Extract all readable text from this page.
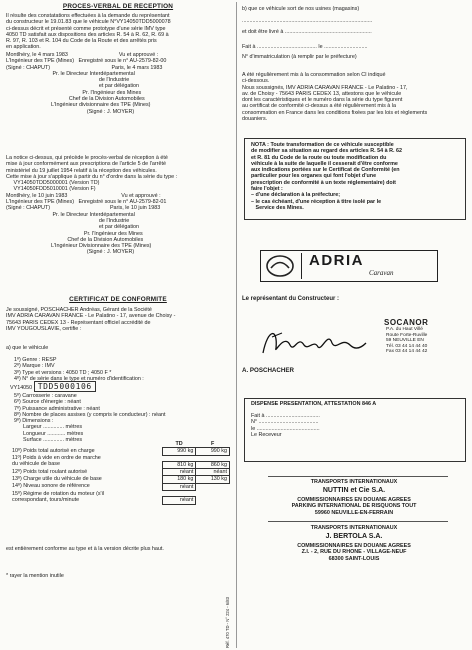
PROCES-VERBAL DE RECEPTION

Il résulte des constatations effectuées à la demande du représentant

du constructeur le 19.01.83 que le véhicule N°VY14050TDD5000078

ci-dessus décrit et présenté comme prototype d'une série IMV type

4050 TD satisfait aux dispositions des articles R. 54 à R. 62, R. 69 à

R. 97, R. 103 et R. 104 du Code de la Route et des arrêtés pris

en application.

Montlhéry, le 4 mars 1983                                  Vu et approuvé :

L'Ingénieur des TPE (Mines)   Enregistré sous le n° AU-2579-82-00

(Signé : CHAPUT)                                         Paris, le 4 mars 1983

Pr. le Directeur Interdépartemental

de l'Industrie

et par délégation

Pr. l'Ingénieur des Mines

Chef de la Division Automobiles

L'Ingénieur divisionnaire des TPE (Mines)

(Signé : J. MOYER)

La notice ci-dessus, qui précède le procès-verbal de réception à été

mise à jour conformément aux prescriptions de l'article 5 de l'arrêté

ministériel du 19 juillet 1954 relatif à la réception des véhicules.

Cette mise à jour s'applique à partir du n° d'ordre dans la série du type :

VY14050TDD5000001 (Version TD)

VY14050FDD5010001 (Version F)

Montlhéry, le 10 juin 1983                                    Vu et approuvé :

L'Ingénieur des TPE (Mines)   Enregistré sous le n° AU-2579-82-01

(Signé : CHAPUT)                                        Paris, le 10 juin 1983

Pr. le Directeur Interdépartemental

de l'Industrie

et par délégation

Pr. l'Ingénieur des Mines

Chef de la Division Automobiles

L'Ingénieur Divisionnaire des TPE (Mines)

(Signé : J. MOYER)

CERTIFICAT DE CONFORMITE

Je soussigné, POSCHACHER Andréas, Gérant de la Société

IMV ADRIA CARAVAN FRANCE - Le Palatino - 17, avenue de Choisy -

75643 PARIS CEDEX 13 - Représentant officiel accrédité de

IMV YOUGOUSLAVIE, certifie :

a) que le véhicule

1º) Genre : RESP

2º) Marque : IMV

3º) Type et versions : 4050 TD ; 4050 F *

4º) N° de série dans le type et numéro d'identification :

VY14050 TDD5000106

5º) Carrosserie : caravane

6º) Source d'énergie : néant

7º) Puissance administrative : néant

8º) Nombre de places assises (y compris le conducteur) : néant

9º) Dimensions :

Largeur .............. mètres

Longueur ............ mètres

Surface .............. mètres

	TD	F
10º) Poids total autorisé en charge	990 kg	990 kg
11º) Poids à vide en ordre de marche		
du véhicule de base	810 kg	860 kg
12º) Poids total roulant autorisé	néant	néant
13º) Charge utile du véhicule de base	180 kg	130 kg
14º) Niveau sonore de référence	néant	
15º) Régime de rotation du moteur (s'il		
correspondant, tours/minute	néant	

est entièrement conforme au type et à la version décrite plus haut.

* rayer la mention inutile

Réf. 470 TD - N° 224 - 6/83

b) que ce véhicule sort de nos usines (magasins)

.......................................................................................

et doit être livré à ..........................................................

Fait à ........................................ le .............................

N° d'immatriculation (à remplir par le préfecture)

A été régulièrement mis à la consommation selon CI indiqué

ci-dessous.

Nous soussignés, IMV ADRIA CARAVAN FRANCE - Le Palatino - 17,

av. de Choisy - 75643 PARIS CEDEX 13, attestons que le véhicule

dont les caractéristiques et le numéro dans la série du type figurent

au certificat de conformité ci-dessus a été régulièrement mis à la

consommation en France dans les conditions fixées par les lois et règlements

douaniers.

NOTA : Toute transformation de ce véhicule susceptible

de modifier sa situation au regard des articles R. 54 à R. 62

et R. 81 du Code de la route ou toute modification du

véhicule à la suite de laquelle il cesserait d'être conforme

aux indications portées sur le Certificat de Conformité (en

particulier pour les organes qui font l'objet d'une

prescription de conformité à un texte réglementaire) doit

faire l'objet :

– d'une déclaration à la préfecture;

– le cas échéant, d'une réception à titre isolé par le

Service des Mines.

ADRIA
Caravan

Le représentant du Constructeur :

SOCANOR
P.A. du Haut Villé
Route Forte-Ruville
59 NEUVILLE EN
Tél. 03 44 14 44 40
Fax 03 44 14 44 42

A. POSCHACHER

DISPENSE PRESENTATION, ATTESTATION 846 A

Fait à ....................................

N° ........................................

le ..........................................

Le Receveur

TRANSPORTS INTERNATIONAUX
NUTTIN et Cie S.A.

COMMISSIONNAIRES EN DOUANE AGREES

PARKING INTERNATIONAL DE RISQUONS TOUT

59960 NEUVILLE-EN-FERRAIN

TRANSPORTS INTERNATIONAUX
J. BERTOLA S.A.

COMMISSIONNAIRES EN DOUANE AGREES

Z.I. - 2, RUE DU RHONE - VILLAGE-NEUF

68300 SAINT-LOUIS
